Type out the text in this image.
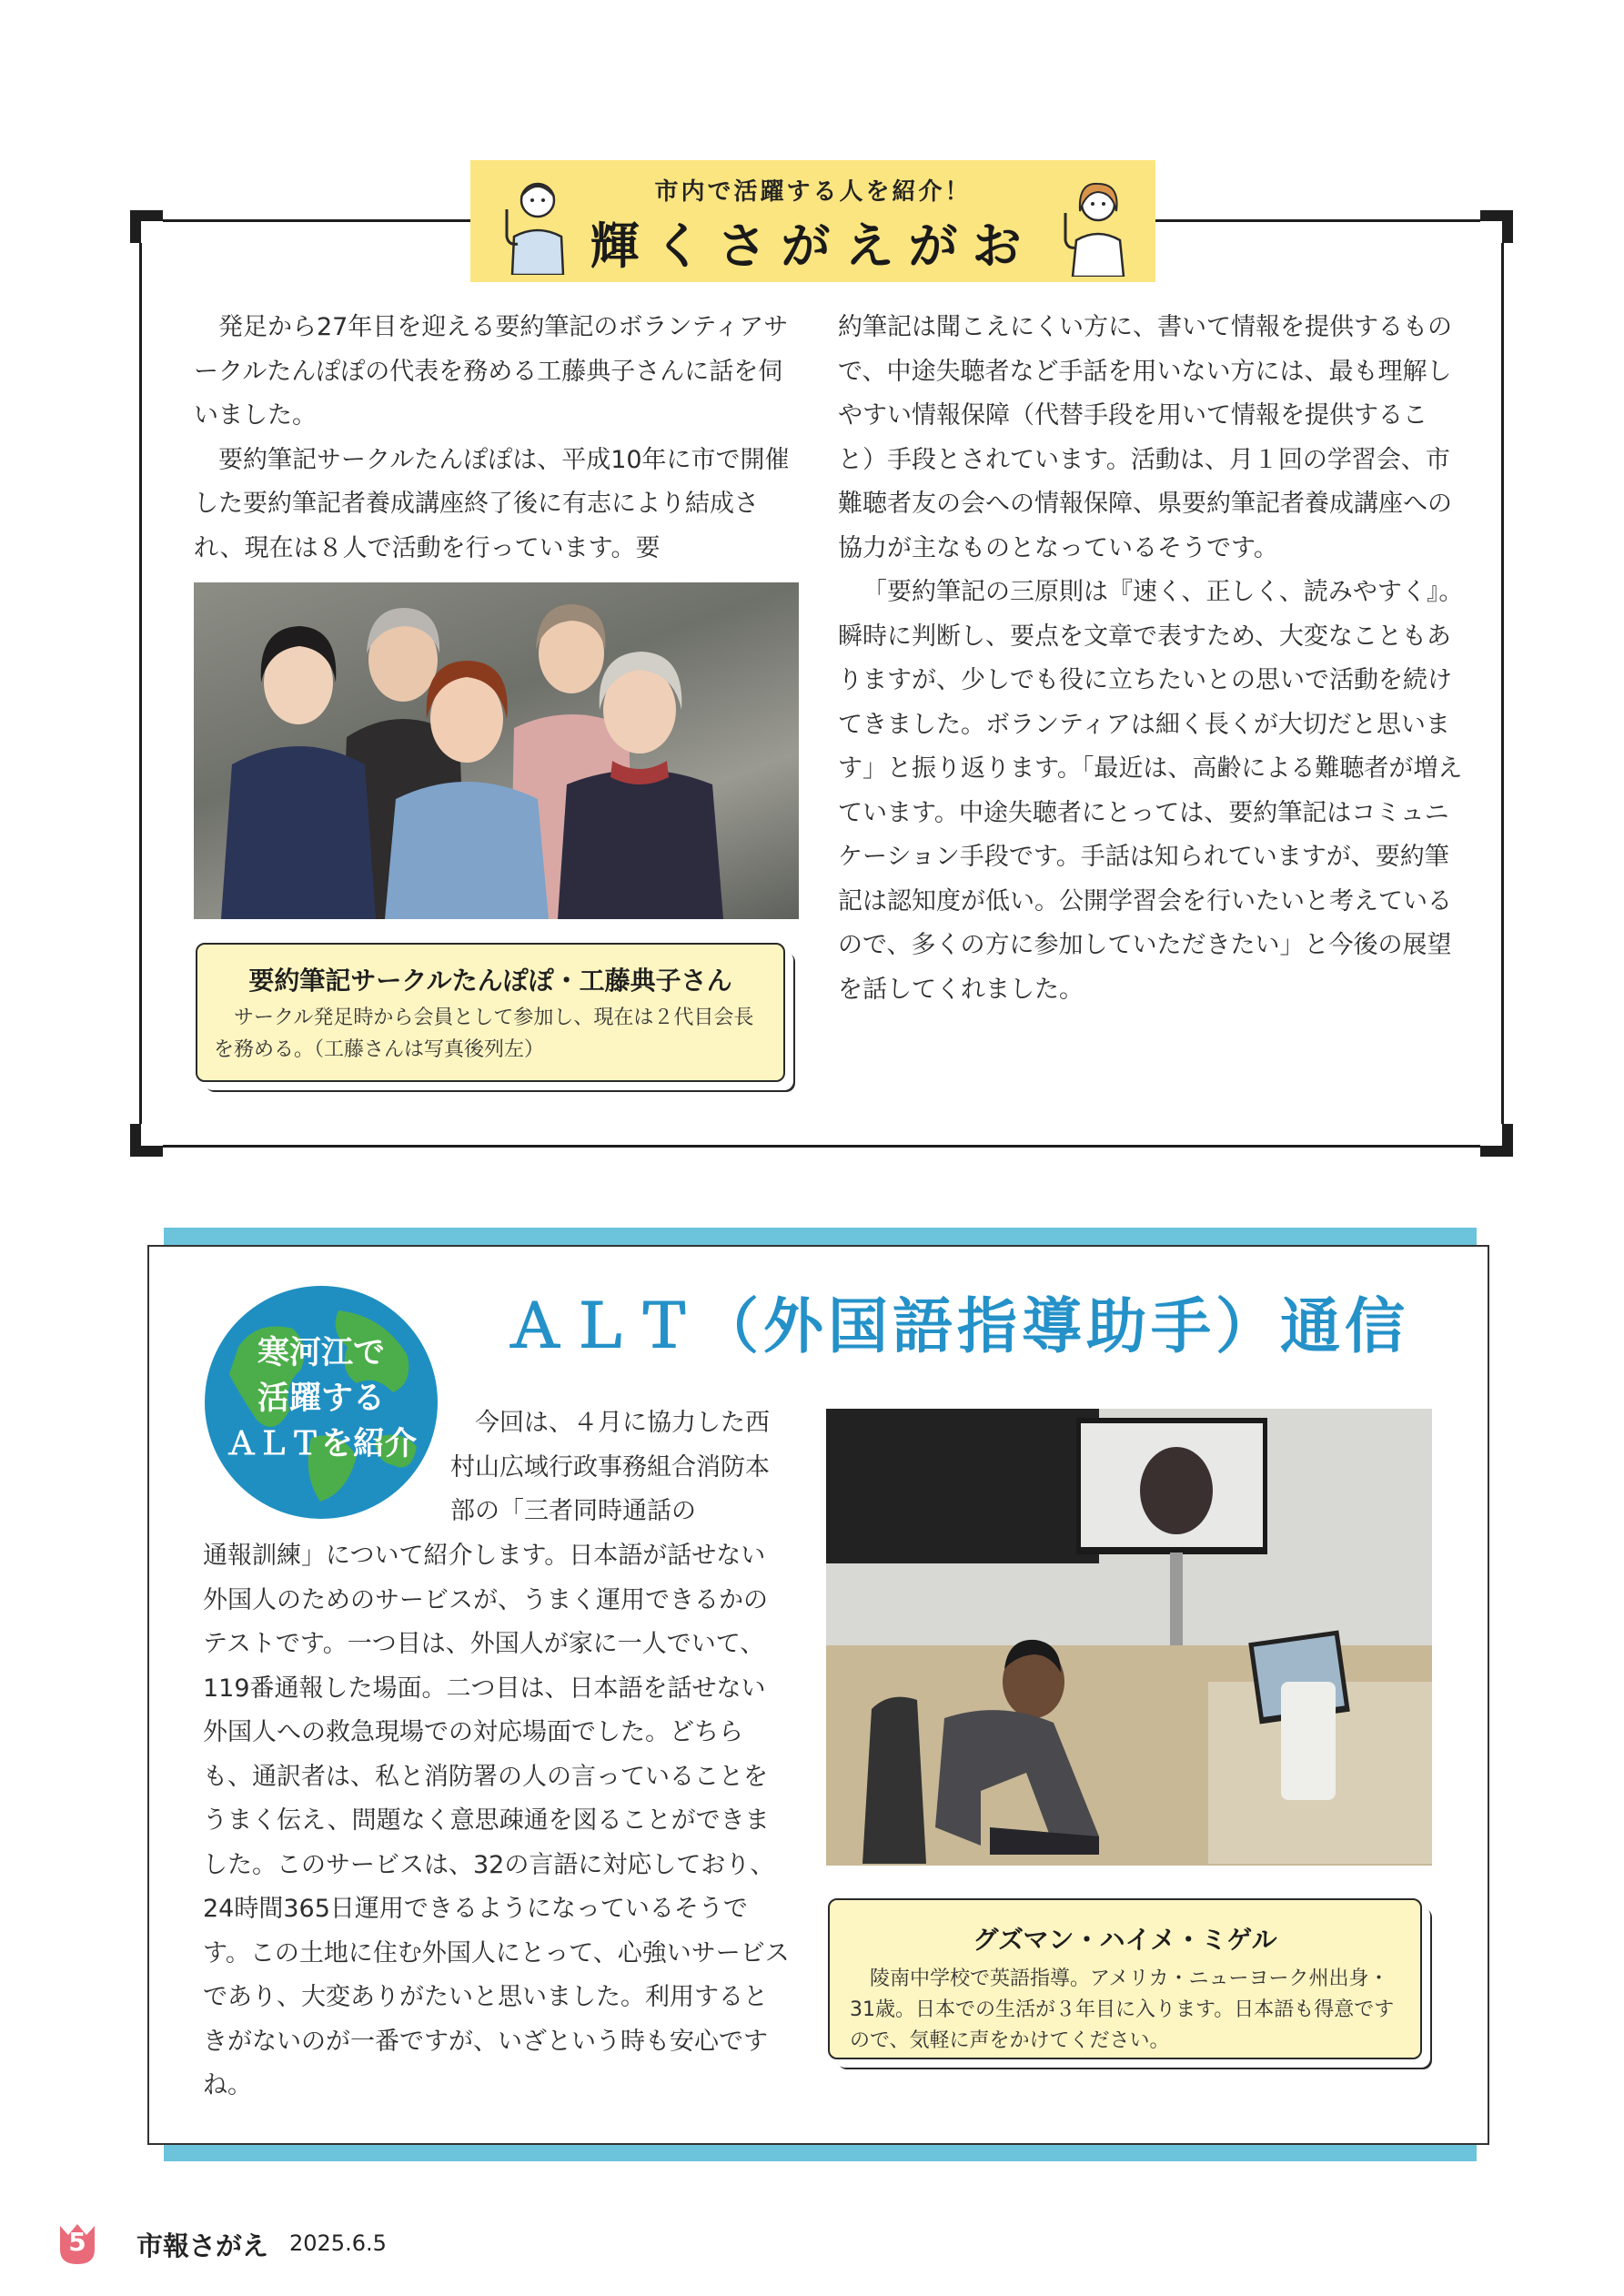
市内で活躍する人を紹介！
輝くさがえがお

発足から27年目を迎える要約筆記のボランティアサークルたんぽぽの代表を務める工藤典子さんに話を伺いました。

要約筆記サークルたんぽぽは、平成10年に市で開催した要約筆記者養成講座終了後に有志により結成され、現在は８人で活動を行っています。要

要約筆記サークルたんぽぽ・工藤典子さん
サークル発足時から会員として参加し、現在は２代目会長を務める。（工藤さんは写真後列左）

約筆記は聞こえにくい方に、書いて情報を提供するもので、中途失聴者など手話を用いない方には、最も理解しやすい情報保障（代替手段を用いて情報を提供すること）手段とされています。活動は、月１回の学習会、市難聴者友の会への情報保障、県要約筆記者養成講座への協力が主なものとなっているそうです。

「要約筆記の三原則は『速く、正しく、読みやすく』。瞬時に判断し、要点を文章で表すため、大変なこともありますが、少しでも役に立ちたいとの思いで活動を続けてきました。ボランティアは細く長くが大切だと思います」と振り返ります。「最近は、高齢による難聴者が増えています。中途失聴者にとっては、要約筆記はコミュニケーション手段です。手話は知られていますが、要約筆記は認知度が低い。公開学習会を行いたいと考えているので、多くの方に参加していただきたい」と今後の展望を話してくれました。

寒河江で
活躍する
ＡＬＴを紹介
ＡＬＴ（外国語指導助手）通信

今回は、４月に協力した西村山広域行政事務組合消防本部の「三者同時通話の

通報訓練」について紹介します。日本語が話せない外国人のためのサービスが、うまく運用できるかのテストです。一つ目は、外国人が家に一人でいて、119番通報した場面。二つ目は、日本語を話せない外国人への救急現場での対応場面でした。どちらも、通訳者は、私と消防署の人の言っていることをうまく伝え、問題なく意思疎通を図ることができました。このサービスは、32の言語に対応しており、24時間365日運用できるようになっているそうです。この土地に住む外国人にとって、心強いサービスであり、大変ありがたいと思いました。利用するときがないのが一番ですが、いざという時も安心ですね。

グズマン・ハイメ・ミゲル
陵南中学校で英語指導。アメリカ・ニューヨーク州出身・31歳。日本での生活が３年目に入ります。日本語も得意ですので、気軽に声をかけてください。
5	市報さがえ 2025.6.5
